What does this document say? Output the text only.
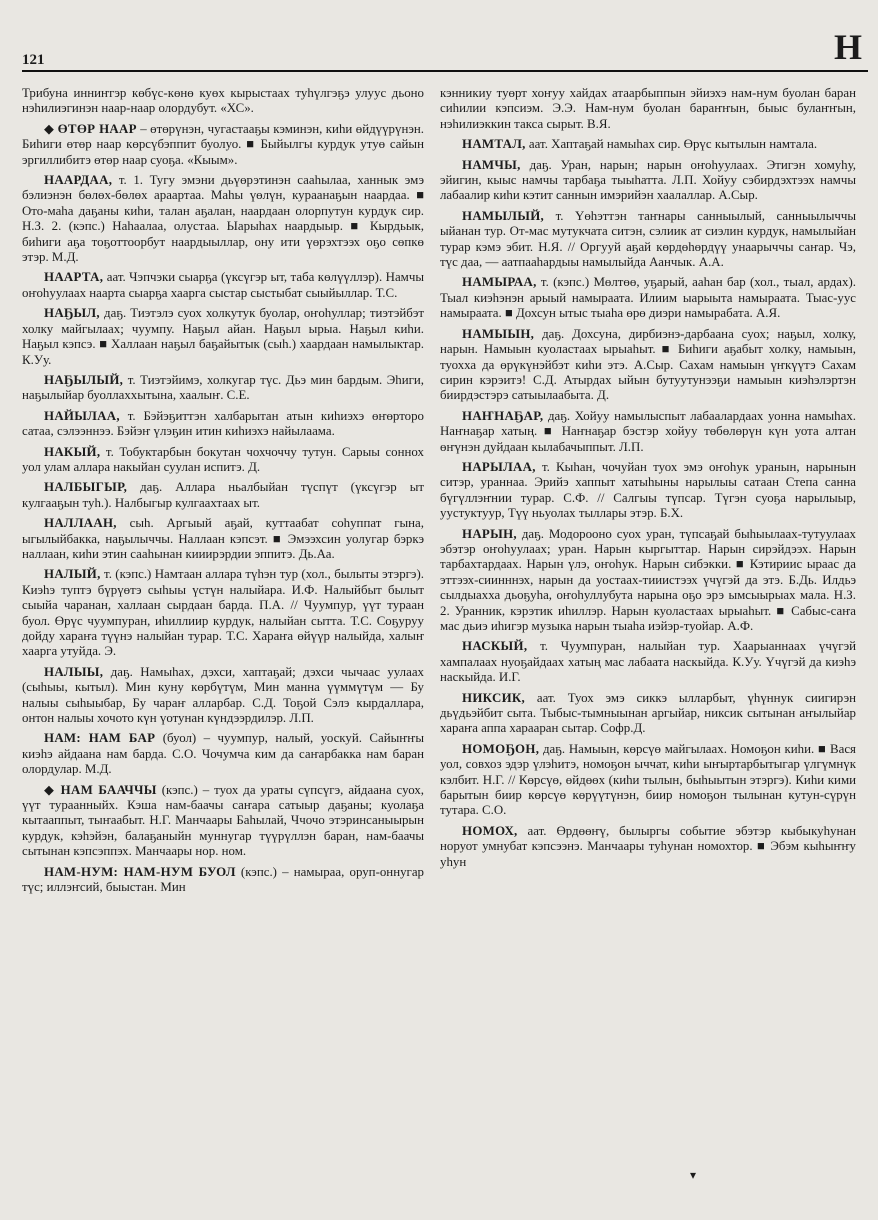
121	Н

Трибуна инниҥгэр көбүс-көнө куөх кырыстаах туһүлгэҕэ улуус дьоно нэһилиэгинэн наар-наар олордубут. «ХС».

◆ ӨТӨР НААР – өтөрүнэн, чугастааҕы кэминэн, киһи өйдүүрүнэн. Биһиги өтөр наар көрсүбэппит буолуо. ■ Быйылгы курдук утуө сайын эргиллибитэ өтөр наар суоҕа. «Кыым».

НААРДАА, т. 1. Тугу эмэни дьүөрэтинэн сааһылаа, ханнык эмэ бэлиэнэн бөлөх-бөлөх араартаа. Маһы үөлүн, кураанаҕын наардаа. ■ Ото-маһа даҕаны киһи, талан аҕалан, наардаан олорпутун курдук сир. Н.З. 2. (кэпс.) Наһаалаа, олустаа. Ыарыһах наардыыр. ■ Кырдьык, биһиги аҕа тоҕоттоорбут наардыыллар, ону ити үөрэхтээх оҕо сөпкө этэр. М.Д.

НААРТА, аат. Чэпчэки сыарҕа (үксүгэр ыт, таба көлүүллэр). Намчы оҥоһуулаах наарта сыарҕа хаарга сыстар сыстыбат сыыйыллар. Т.С.

НАҔЫЛ, даҕ. Тиэтэлэ суох холкутук буолар, оҥоһуллар; тиэтэйбэт холку майгылаах; чуумпу. Наҕыл айан. Наҕыл ырыа. Наҕыл киһи. Наҕыл кэпсэ. ■ Халлаан наҕыл баҕайытык (сыһ.) хаардаан намылыктар. К.Уу.

НАҔЫЛЫЙ, т. Тиэтэйимэ, холкугар түс. Дьэ мин бардым. Эһиги, наҕылыйар буоллаххытына, хаалыҥ. С.Е.

НАЙЫЛАА, т. Бэйэҕиттэн халбарытан атын киһиэхэ өҥөрторо сатаа, сэлээннээ. Бэйэҥ үлэҕин итин киһиэхэ найылаама.

НАКЫЙ, т. Тобуктарбын бокутан чохчоччу тутун. Сарыы соннох уол улам аллара накыйан суулан испитэ. Д.

НАЛБЫГЫР, даҕ. Аллара ньалбыйан түспүт (үксүгэр ыт кулгааҕын туһ.). Налбыгыр кулгаахтаах ыт.

НАЛЛААН, сыһ. Аргыый аҕай, куттаабат соһуппат гына, ыгылыйбакка, наҕылыччы. Наллаан кэпсэт. ■ Эмээхсин уолугар бэркэ наллаан, киһи этин сааһынан кииирэрдии эппитэ. Дь.Аа.

НАЛЫЙ, т. (кэпс.) Намтаан аллара түһэн тур (хол., былыты этэргэ). Киэһэ туптэ бүрүөтэ сыһыы үстүн налыйара. И.Ф. Налыйбыт былыт сыыйа чаранан, халлаан сырдаан барда. П.А. // Чуумпур, үүт тураан буол. Өрүс чуумпуран, иһиллиир курдук, налыйан сытта. Т.С. Соҕуруу дойду хараҥа түүнэ налыйан турар. Т.С. Хараҥа өйүүр налыйда, халыҥ хаарга утуйда. Э.

НАЛЫЫ, даҕ. Намыһах, дэхси, хаптаҕай; дэхси чычаас уулаах (сыһыы, кытыл). Мин куну көрбүтүм, Мин манна үүммүтүм — Бу налыы сыһыыбар, Бу чараҥ алларбар. С.Д. Тоҕой Сэлэ кырдаллара, онтон налыы хочото күн үотунан күндээрдилэр. Л.П.

НАМ: НАМ БАР (буол) – чуумпур, налый, уоскуй. Сайыҥҥы киэһэ айдаана нам барда. С.О. Чочумча ким да саҥарбакка нам баран олордулар. М.Д.

◆ НАМ БААЧЧЫ (кэпс.) – туох да ураты сүпсүгэ, айдаана суох, үүт тураанныйх. Кэша нам-баачы саҥара сатыыр даҕаны; куолаҕа кытааппыт, тыҥаабыт. Н.Г. Манчаары Баһылай, Ччочо этэринсаныырын курдук, кэһэйэн, балаҕаныйн муннугар түүрүллэн баран, нам-баачы сытынан кэпсэппэх. Манчаары нор. ном.

НАМ-НУМ: НАМ-НУМ БУОЛ (кэпс.) – намыраа, оруп-оннугар түс; иллэҥсий, быыстан. Мин

кэнникиу туөрт хоҥуу хайдах атаарбыппын эйиэхэ нам-нум буолан баран сиһилии кэпсиэм. Э.Э. Нам-нум буолан бараҥҥын, быыс булаҥҥын, нэһилиэккин такса сырыт. В.Я.

НАМТАЛ, аат. Хаптаҕай намыһах сир. Өрүс кытылын намталa.

НАМЧЫ, даҕ. Уран, нарын; нарын оҥоһуулаах. Этигэн хомуһу, эйигин, кыыс намчы тарбаҕа тыыhатта. Л.П. Хойуу сэбирдэхтээх намчы лабаалир киһи кэтит саннын имэрийэн хаалаллар. А.Сыр.

НАМЫЛЫЙ, т. Үөһэттэн таҥнары санныылый, санныылыччы ыйанан тур. От-мас мутукчата ситэн, сэлиик ат сиэлин курдук, намылыйан турар кэмэ эбит. Н.Я. // Оргууй аҕай көрдөһөрдүү унаарыччы саҥар. Чэ, түс даа, — аатпааһардыы намылыйда Аанчык. А.А.

НАМЫРАА, т. (кэпс.) Мөлтөө, уҕарый, ааһан бар (хол., тыал, ардах). Тыал киэһэнэн арыый намыраата. Илиим ыарыыта намыраата. Тыас-уус намыраата. ■ Дохсун ытыс тыаһа өрө диэри намырабата. А.Я.

НАМЫЫН, даҕ. Дохсуна, дирбиэнэ-дарбаана суох; наҕыл, холку, нарын. Намыын куоластаах ырыаhыт. ■ Биһиги аҕабыт холку, намыын, туохха да өрүкүнэйбэт киһи этэ. А.Сыр. Сахам намыын үҥкүүтэ Сахам сирин кэрэитэ! С.Д. Атырдах ыйын бутуутунээҕи намыын киэһэлэртэн биирдэстэрэ сатыылаабыта. Д.

НАҤНАҔАР, даҕ. Хойуу намылыспыт лабаалардаах уонна намыһах. Наҥнаҕар хатың. ■ Наҥнаҕар бэстэр хойуу төбөлөрүн күн уота алтан өҥүнэн дуйдаан кылабачыппыт. Л.П.

НАРЫЛАА, т. Кыһан, чочуйан туох эмэ оҥоһук уранын, нарынын ситэр, ураннаа. Эрийэ хаппыт хатыһыны нарылыы сатаан Степа санна бүгүллэҥнии турар. С.Ф. // Салгыы түпсар. Түгэн суоҕа нарылыыр, уустуктуур, Түү ньуолах тыллары этэр. Б.Х.

НАРЫН, даҕ. Модорооно суох уран, түпсаҕай быһыылаах-тутуулаах эбэтэр оҥоһуулаах; уран. Нарын кыргыттар. Нарын сирэйдээх. Нарын тарбахтардаах. Нарын үлэ, оҥоһук. Нарын сибэкки. ■ Кэтириис ыраас да эттээх-сиинннэх, нарын да уостаах-тииистээх үчүгэй да этэ. Б.Дь. Илдьэ сылдыахха дьоҕуһа, оҥоһуллубута нарына оҕо эрэ ымсыырыах мала. Н.З. 2. Уранник, кэрэтик иһиллэр. Нарын куоластаах ырыаһыт. ■ Сабыс-саҥа мас дьиэ иһигэр музыка нарын тыаһа иэйэр-туойар. А.Ф.

НАСКЫЙ, т. Чуумпуран, налыйан тур. Хаарыаннаах үчүгэй хампалаах нуоҕайдаах хатың мас лабаата наскыйда. К.Уу. Үчүгэй да киэһэ наскыйда. И.Г.

НИКСИК, аат. Туох эмэ сиккэ ылларбыт, үһүннук сиигирэн дьүдьэйбит сыта. Тыбыс-тымныынан аргыйар, никсик сытынан аҥылыйар хараҥа аппа хараaран сытар. Софр.Д.

НОМОҔОН, даҕ. Намыын, көрсүө майгылаах. Номоҕон киһи. ■ Вася уол, совхоз эдэр үлэһитэ, номоҕон ыччат, киһи ыҥыртарбытыгар үлгүмнүк кэлбит. Н.Г. // Көрсүө, өйдөөх (киһи тылын, быһыытын этэргэ). Киһи кими барытын биир көрсүө көрүүтүнэн, биир номоҕон тылынан кутун-сүрүн тутара. С.О.

НОМОХ, аат. Өрдөөҥү, былыргы событие эбэтэр кыбыкуһунан норуот умнубат кэпсээнэ. Манчаары туһунан номохтор. ■ Эбэм кыһыҥҥу уһун

▾
